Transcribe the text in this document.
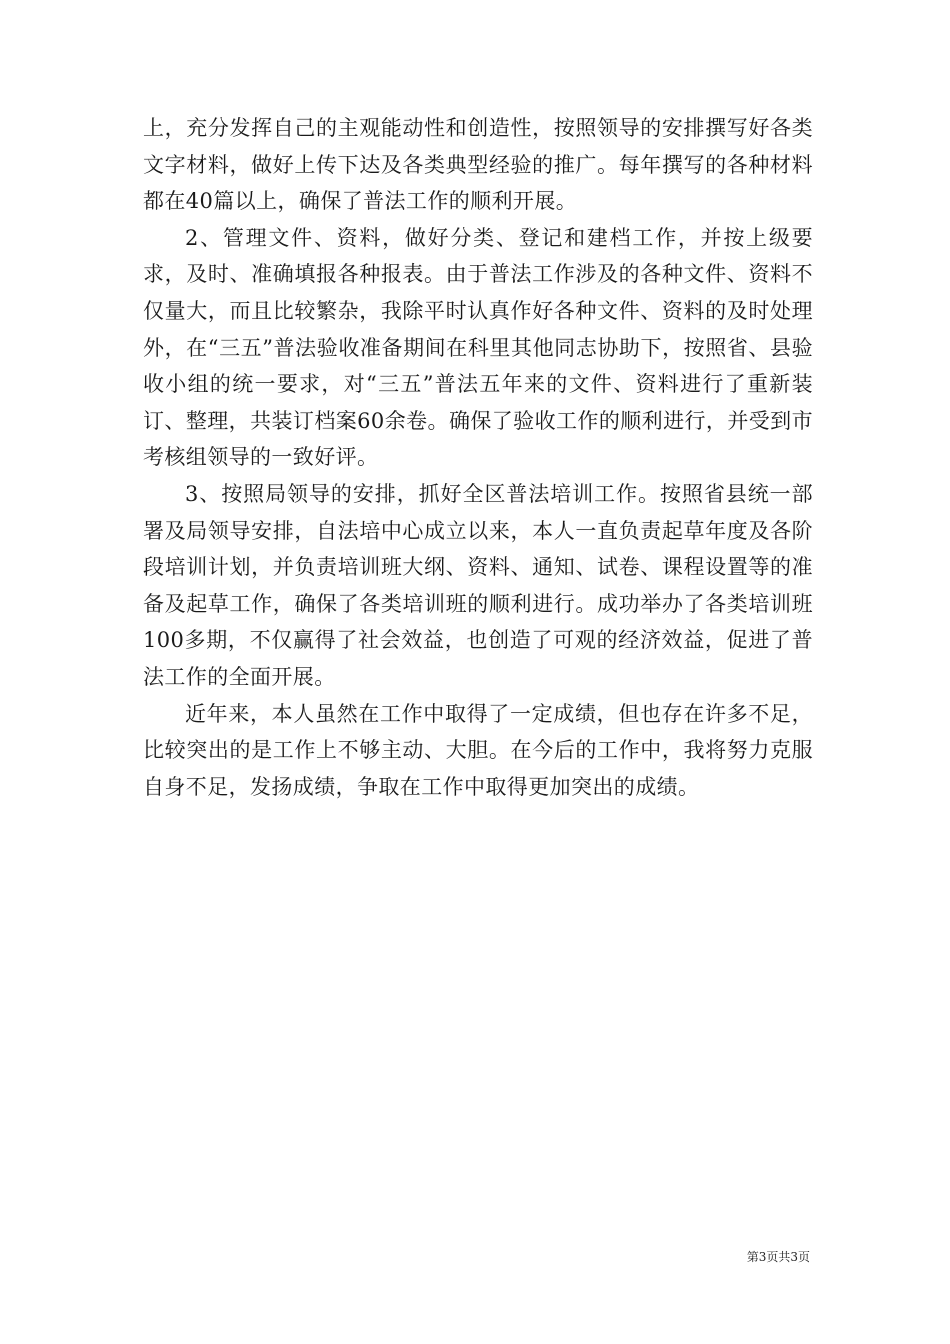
上，充分发挥自己的主观能动性和创造性，按照领导的安排撰写好各类文字材料，做好上传下达及各类典型经验的推广。每年撰写的各种材料都在40篇以上，确保了普法工作的顺利开展。

2、管理文件、资料，做好分类、登记和建档工作，并按上级要求，及时、准确填报各种报表。由于普法工作涉及的各种文件、资料不仅量大，而且比较繁杂，我除平时认真作好各种文件、资料的及时处理外，在“三五”普法验收准备期间在科里其他同志协助下，按照省、县验收小组的统一要求，对“三五”普法五年来的文件、资料进行了重新装订、整理，共装订档案60余卷。确保了验收工作的顺利进行，并受到市考核组领导的一致好评。

3、按照局领导的安排，抓好全区普法培训工作。按照省县统一部署及局领导安排，自法培中心成立以来，本人一直负责起草年度及各阶段培训计划，并负责培训班大纲、资料、通知、试卷、课程设置等的准备及起草工作，确保了各类培训班的顺利进行。成功举办了各类培训班100多期，不仅赢得了社会效益，也创造了可观的经济效益，促进了普法工作的全面开展。

近年来，本人虽然在工作中取得了一定成绩，但也存在许多不足，比较突出的是工作上不够主动、大胆。在今后的工作中，我将努力克服自身不足，发扬成绩，争取在工作中取得更加突出的成绩。

第3页共3页
